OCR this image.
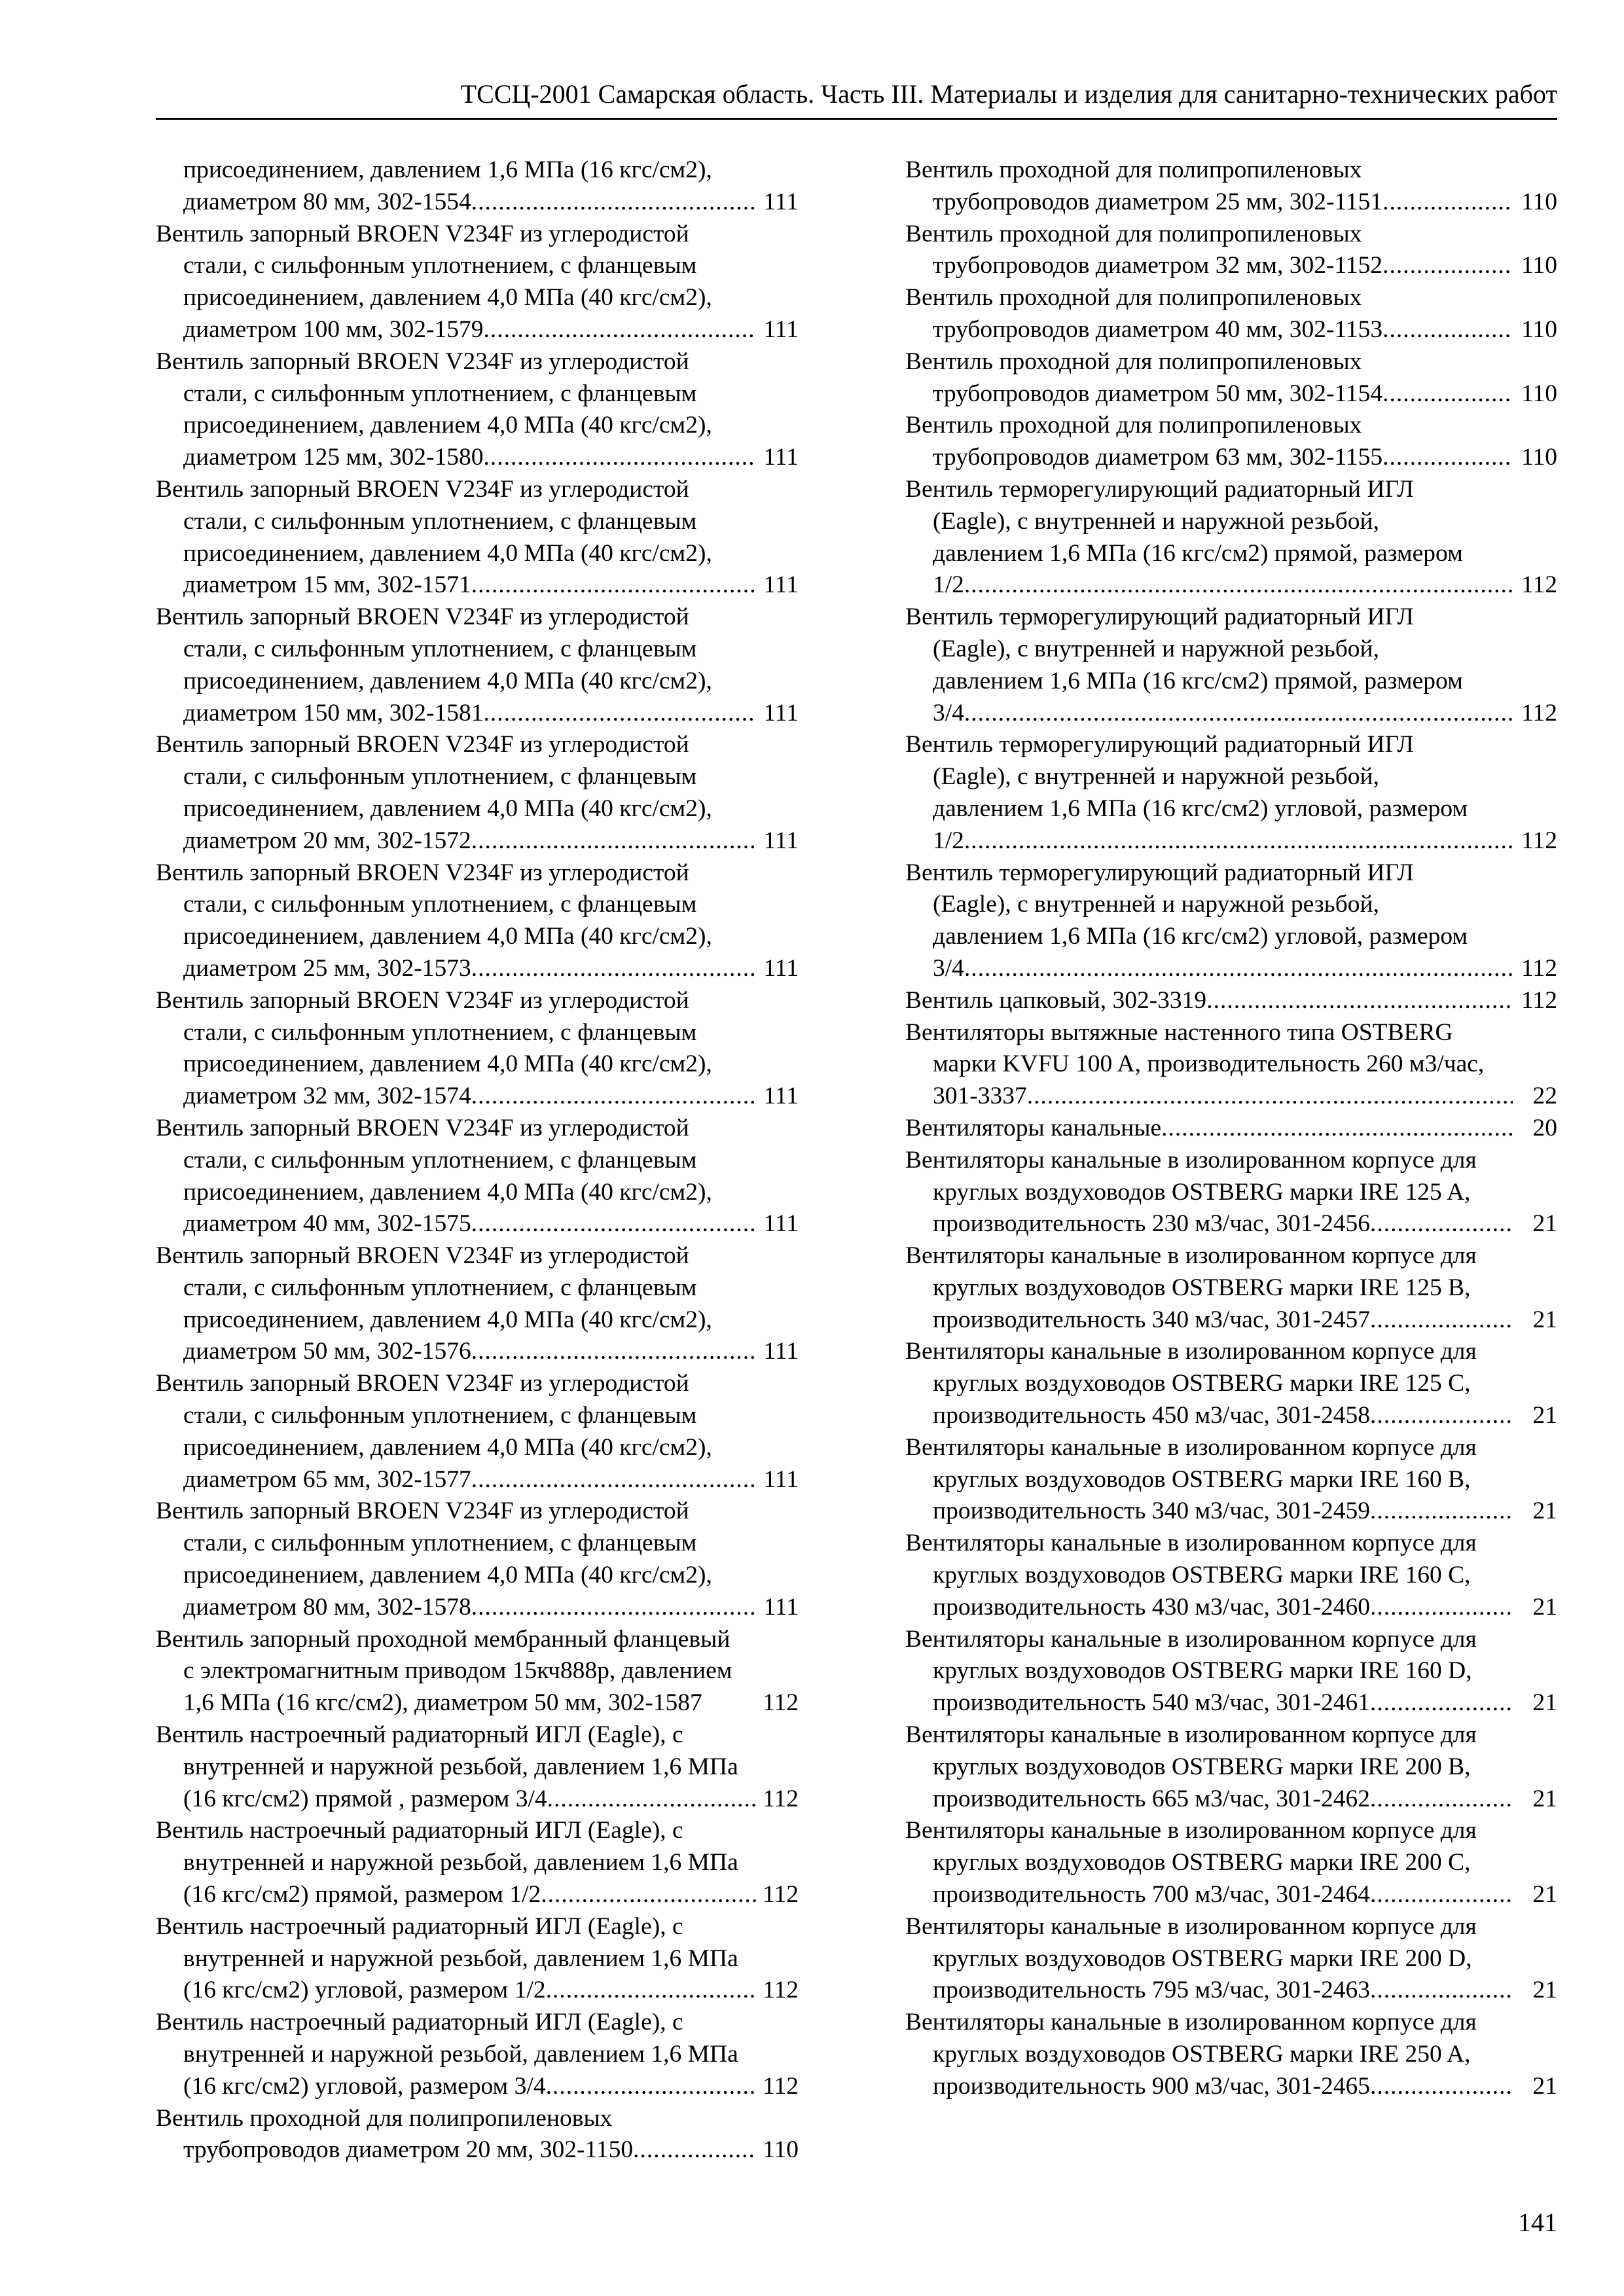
ТССЦ-2001 Самарская область. Часть III. Материалы и изделия для санитарно-технических работ
присоединением, давлением 1,6 МПа (16 кгс/см2),
диаметром 80 мм, 302-1554 .....	111
Вентиль запорный BROEN V234F из углеродистой
стали, с сильфонным уплотнением, с фланцевым
присоединением, давлением 4,0 МПа (40 кгс/см2),
диаметром 100 мм, 302-1579 .....	111
Вентиль запорный BROEN V234F из углеродистой
стали, с сильфонным уплотнением, с фланцевым
присоединением, давлением 4,0 МПа (40 кгс/см2),
диаметром 125 мм, 302-1580 .....	111
Вентиль запорный BROEN V234F из углеродистой
стали, с сильфонным уплотнением, с фланцевым
присоединением, давлением 4,0 МПа (40 кгс/см2),
диаметром 15 мм, 302-1571 .....	111
Вентиль запорный BROEN V234F из углеродистой
стали, с сильфонным уплотнением, с фланцевым
присоединением, давлением 4,0 МПа (40 кгс/см2),
диаметром 150 мм, 302-1581 .....	111
Вентиль запорный BROEN V234F из углеродистой
стали, с сильфонным уплотнением, с фланцевым
присоединением, давлением 4,0 МПа (40 кгс/см2),
диаметром 20 мм, 302-1572 .....	111
Вентиль запорный BROEN V234F из углеродистой
стали, с сильфонным уплотнением, с фланцевым
присоединением, давлением 4,0 МПа (40 кгс/см2),
диаметром 25 мм, 302-1573 .....	111
Вентиль запорный BROEN V234F из углеродистой
стали, с сильфонным уплотнением, с фланцевым
присоединением, давлением 4,0 МПа (40 кгс/см2),
диаметром 32 мм, 302-1574 .....	111
Вентиль запорный BROEN V234F из углеродистой
стали, с сильфонным уплотнением, с фланцевым
присоединением, давлением 4,0 МПа (40 кгс/см2),
диаметром 40 мм, 302-1575 .....	111
Вентиль запорный BROEN V234F из углеродистой
стали, с сильфонным уплотнением, с фланцевым
присоединением, давлением 4,0 МПа (40 кгс/см2),
диаметром 50 мм, 302-1576 .....	111
Вентиль запорный BROEN V234F из углеродистой
стали, с сильфонным уплотнением, с фланцевым
присоединением, давлением 4,0 МПа (40 кгс/см2),
диаметром 65 мм, 302-1577 .....	111
Вентиль запорный BROEN V234F из углеродистой
стали, с сильфонным уплотнением, с фланцевым
присоединением, давлением 4,0 МПа (40 кгс/см2),
диаметром 80 мм, 302-1578 .....	111
Вентиль запорный проходной мембранный фланцевый
с электромагнитным приводом 15кч888р, давлением
1,6 МПа (16 кгс/см2), диаметром 50 мм, 302-1587 112
Вентиль настроечный радиаторный ИГЛ (Eagle), с
внутренней и наружной резьбой, давлением 1,6 МПа
(16 кгс/см2) прямой , размером 3/4 .....	112
Вентиль настроечный радиаторный ИГЛ (Eagle), с
внутренней и наружной резьбой, давлением 1,6 МПа
(16 кгс/см2) прямой, размером 1/2 .....	112
Вентиль настроечный радиаторный ИГЛ (Eagle), с
внутренней и наружной резьбой, давлением 1,6 МПа
(16 кгс/см2) угловой, размером 1/2 .....	112
Вентиль настроечный радиаторный ИГЛ (Eagle), с
внутренней и наружной резьбой, давлением 1,6 МПа
(16 кгс/см2) угловой, размером 3/4 .....	112
Вентиль проходной для полипропиленовых
трубопроводов диаметром 20 мм, 302-1150 .....	110
Вентиль проходной для полипропиленовых
трубопроводов диаметром 25 мм, 302-1151 .....	110
Вентиль проходной для полипропиленовых
трубопроводов диаметром 32 мм, 302-1152 .....	110
Вентиль проходной для полипропиленовых
трубопроводов диаметром 40 мм, 302-1153 .....	110
Вентиль проходной для полипропиленовых
трубопроводов диаметром 50 мм, 302-1154 .....	110
Вентиль проходной для полипропиленовых
трубопроводов диаметром 63 мм, 302-1155 .....	110
Вентиль терморегулирующий радиаторный ИГЛ
(Eagle), с внутренней и наружной резьбой,
давлением 1,6 МПа (16 кгс/см2) прямой, размером
1/2 .....	112
Вентиль терморегулирующий радиаторный ИГЛ
(Eagle), с внутренней и наружной резьбой,
давлением 1,6 МПа (16 кгс/см2) прямой, размером
3/4 .....	112
Вентиль терморегулирующий радиаторный ИГЛ
(Eagle), с внутренней и наружной резьбой,
давлением 1,6 МПа (16 кгс/см2) угловой, размером
1/2 .....	112
Вентиль терморегулирующий радиаторный ИГЛ
(Eagle), с внутренней и наружной резьбой,
давлением 1,6 МПа (16 кгс/см2) угловой, размером
3/4 .....	112
Вентиль цапковый, 302-3319 .....	112
Вентиляторы вытяжные настенного типа OSTBERG
марки KVFU 100 A, производительность 260 м3/час,
301-3337 .....	22
Вентиляторы канальные .....	20
Вентиляторы канальные в изолированном корпусе для
круглых воздуховодов OSTBERG марки IRE 125 A,
производительность 230 м3/час, 301-2456 .....	21
Вентиляторы канальные в изолированном корпусе для
круглых воздуховодов OSTBERG марки IRE 125 B,
производительность 340 м3/час, 301-2457 .....	21
Вентиляторы канальные в изолированном корпусе для
круглых воздуховодов OSTBERG марки IRE 125 C,
производительность 450 м3/час, 301-2458 .....	21
Вентиляторы канальные в изолированном корпусе для
круглых воздуховодов OSTBERG марки IRE 160 B,
производительность 340 м3/час, 301-2459 .....	21
Вентиляторы канальные в изолированном корпусе для
круглых воздуховодов OSTBERG марки IRE 160 C,
производительность 430 м3/час, 301-2460 .....	21
Вентиляторы канальные в изолированном корпусе для
круглых воздуховодов OSTBERG марки IRE 160 D,
производительность 540 м3/час, 301-2461 .....	21
Вентиляторы канальные в изолированном корпусе для
круглых воздуховодов OSTBERG марки IRE 200 B,
производительность 665 м3/час, 301-2462 .....	21
Вентиляторы канальные в изолированном корпусе для
круглых воздуховодов OSTBERG марки IRE 200 C,
производительность 700 м3/час, 301-2464 .....	21
Вентиляторы канальные в изолированном корпусе для
круглых воздуховодов OSTBERG марки IRE 200 D,
производительность 795 м3/час, 301-2463 .....	21
Вентиляторы канальные в изолированном корпусе для
круглых воздуховодов OSTBERG марки IRE 250 A,
производительность 900 м3/час, 301-2465 .....	21
141
